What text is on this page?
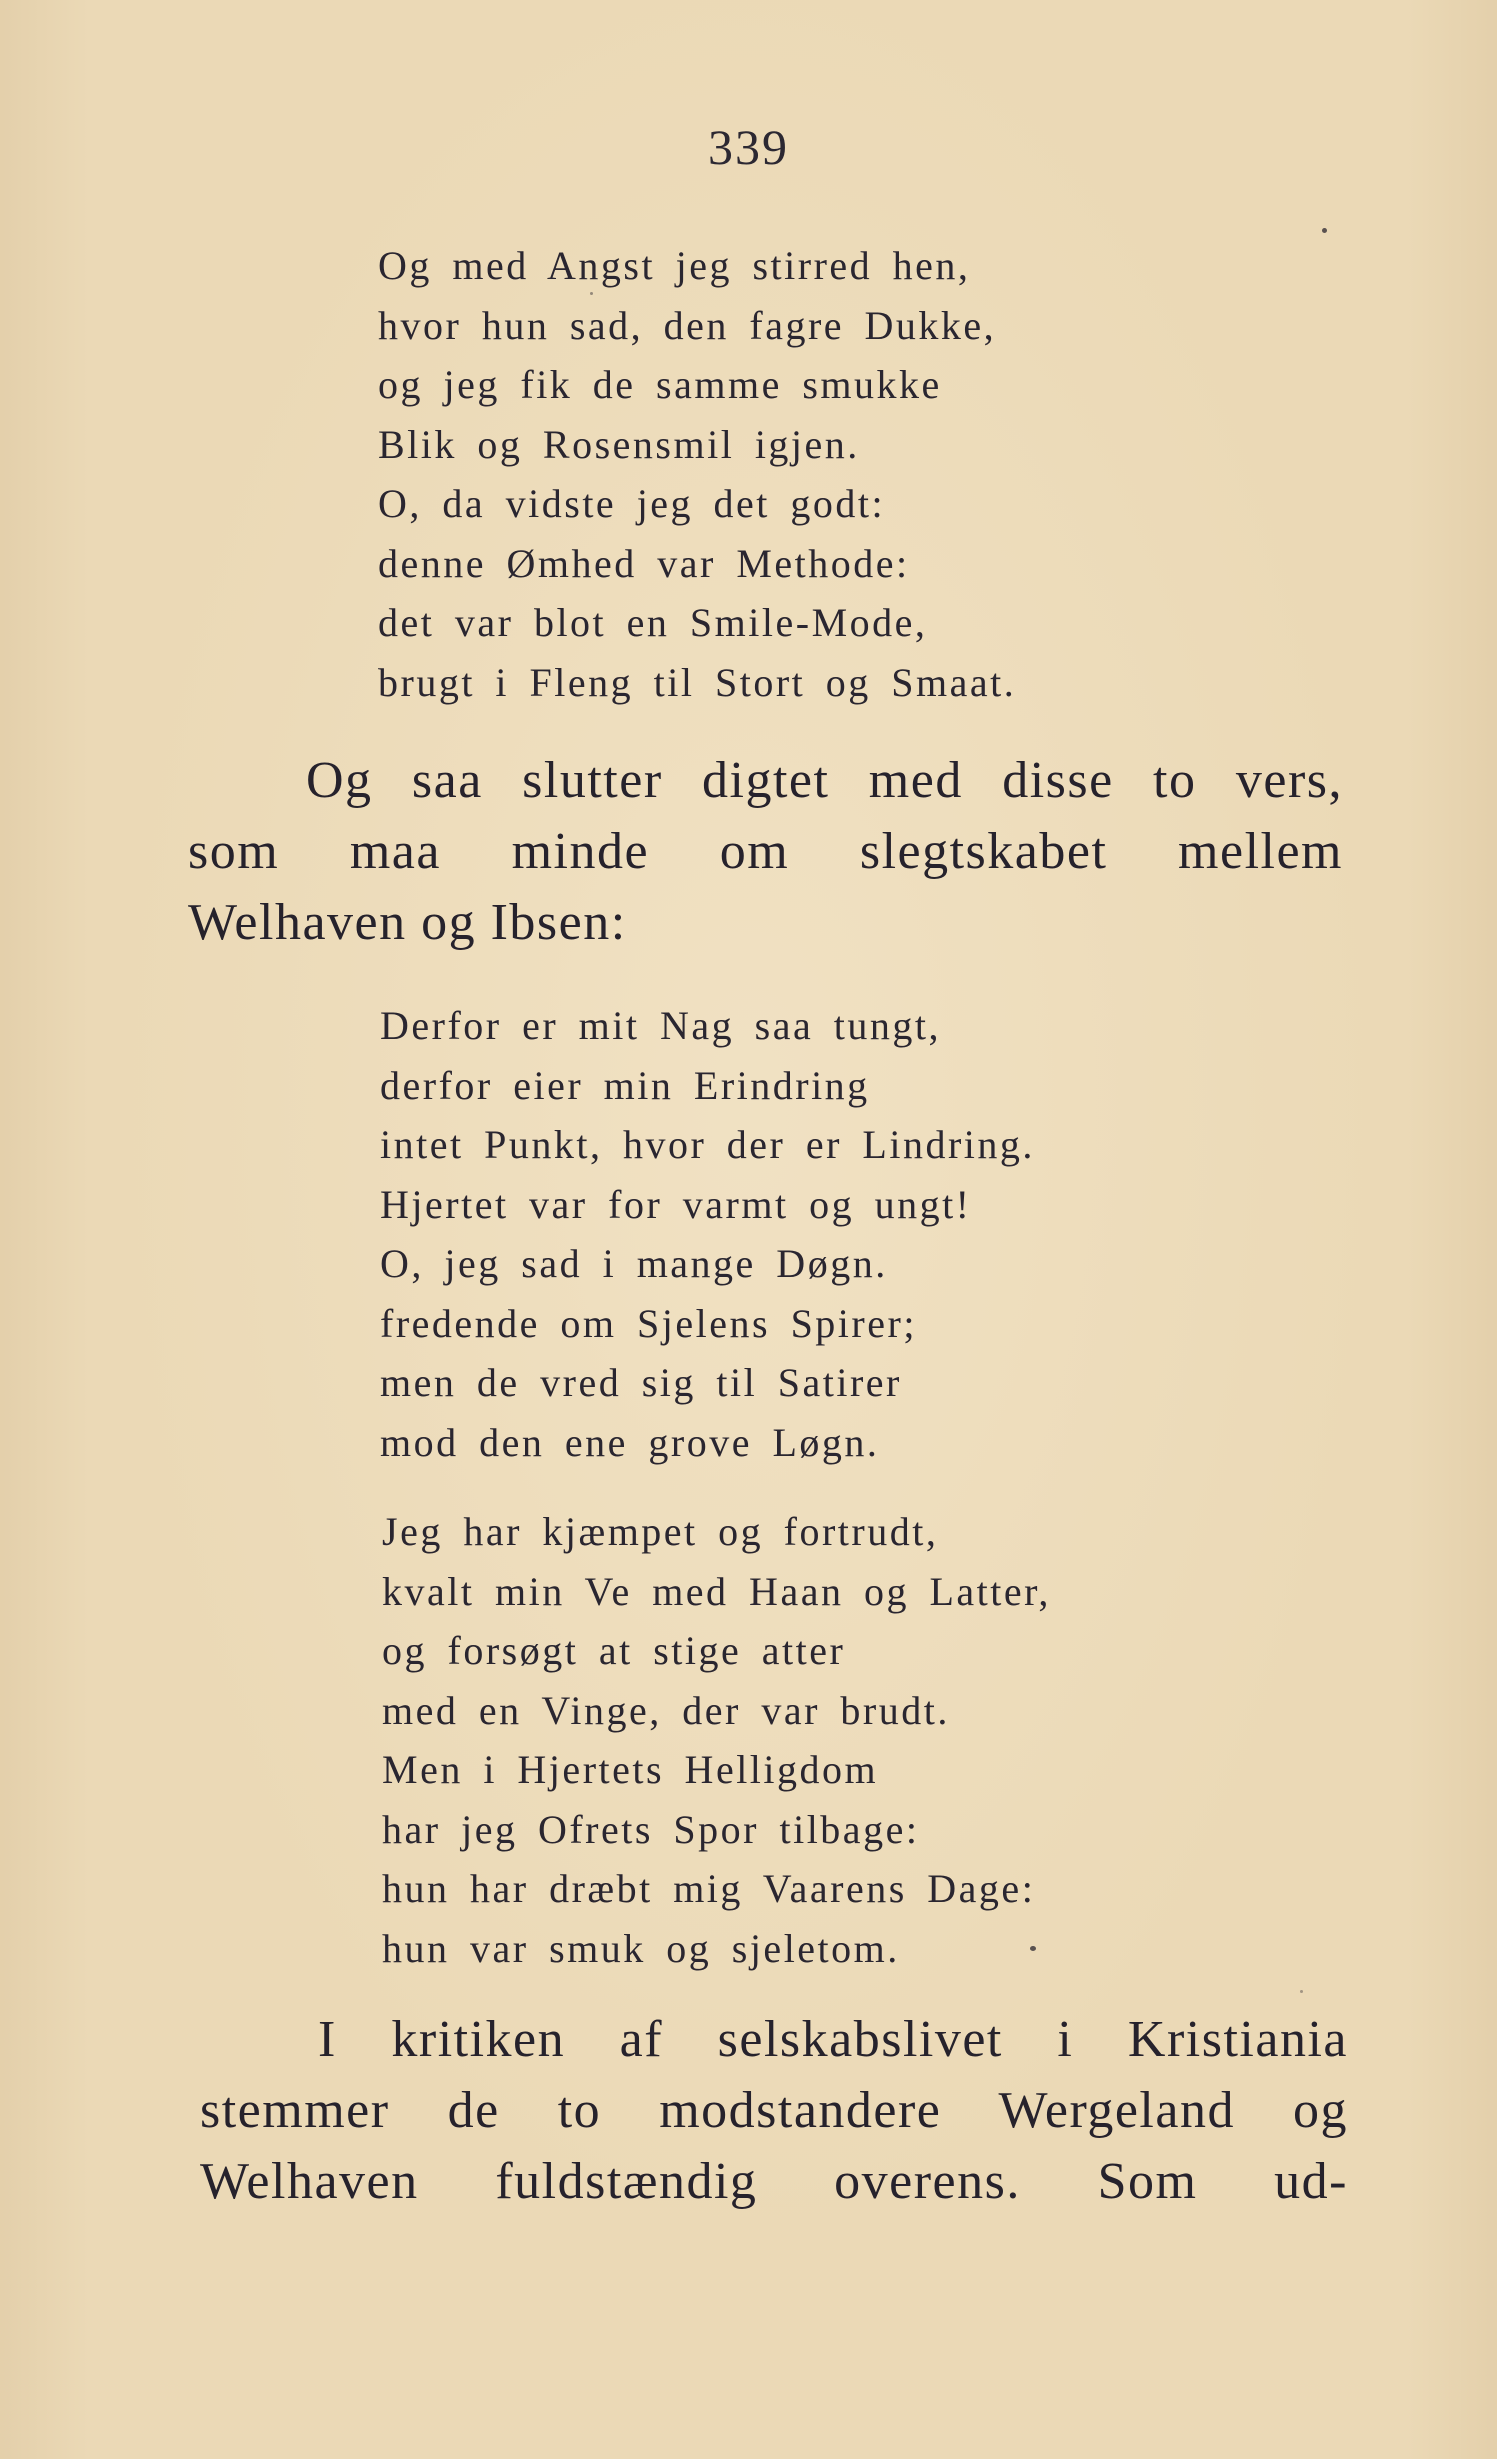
339
Og med Angst jeg stirred hen,
hvor hun sad, den fagre Dukke,
og jeg fik de samme smukke
Blik og Rosensmil igjen.
O, da vidste jeg det godt:
denne Ømhed var Methode:
det var blot en Smile-Mode,
brugt i Fleng til Stort og Smaat.
Og saa slutter digtet med disse to vers,
som maa minde om slegtskabet mellem
Welhaven og Ibsen:
Derfor er mit Nag saa tungt,
derfor eier min Erindring
intet Punkt, hvor der er Lindring.
Hjertet var for varmt og ungt!
O, jeg sad i mange Døgn.
fredende om Sjelens Spirer;
men de vred sig til Satirer
mod den ene grove Løgn.
Jeg har kjæmpet og fortrudt,
kvalt min Ve med Haan og Latter,
og forsøgt at stige atter
med en Vinge, der var brudt.
Men i Hjertets Helligdom
har jeg Ofrets Spor tilbage:
hun har dræbt mig Vaarens Dage:
hun var smuk og sjeletom.
I kritiken af selskabslivet i Kristiania
stemmer de to modstandere Wergeland og
Welhaven fuldstændig overens. Som ud-
